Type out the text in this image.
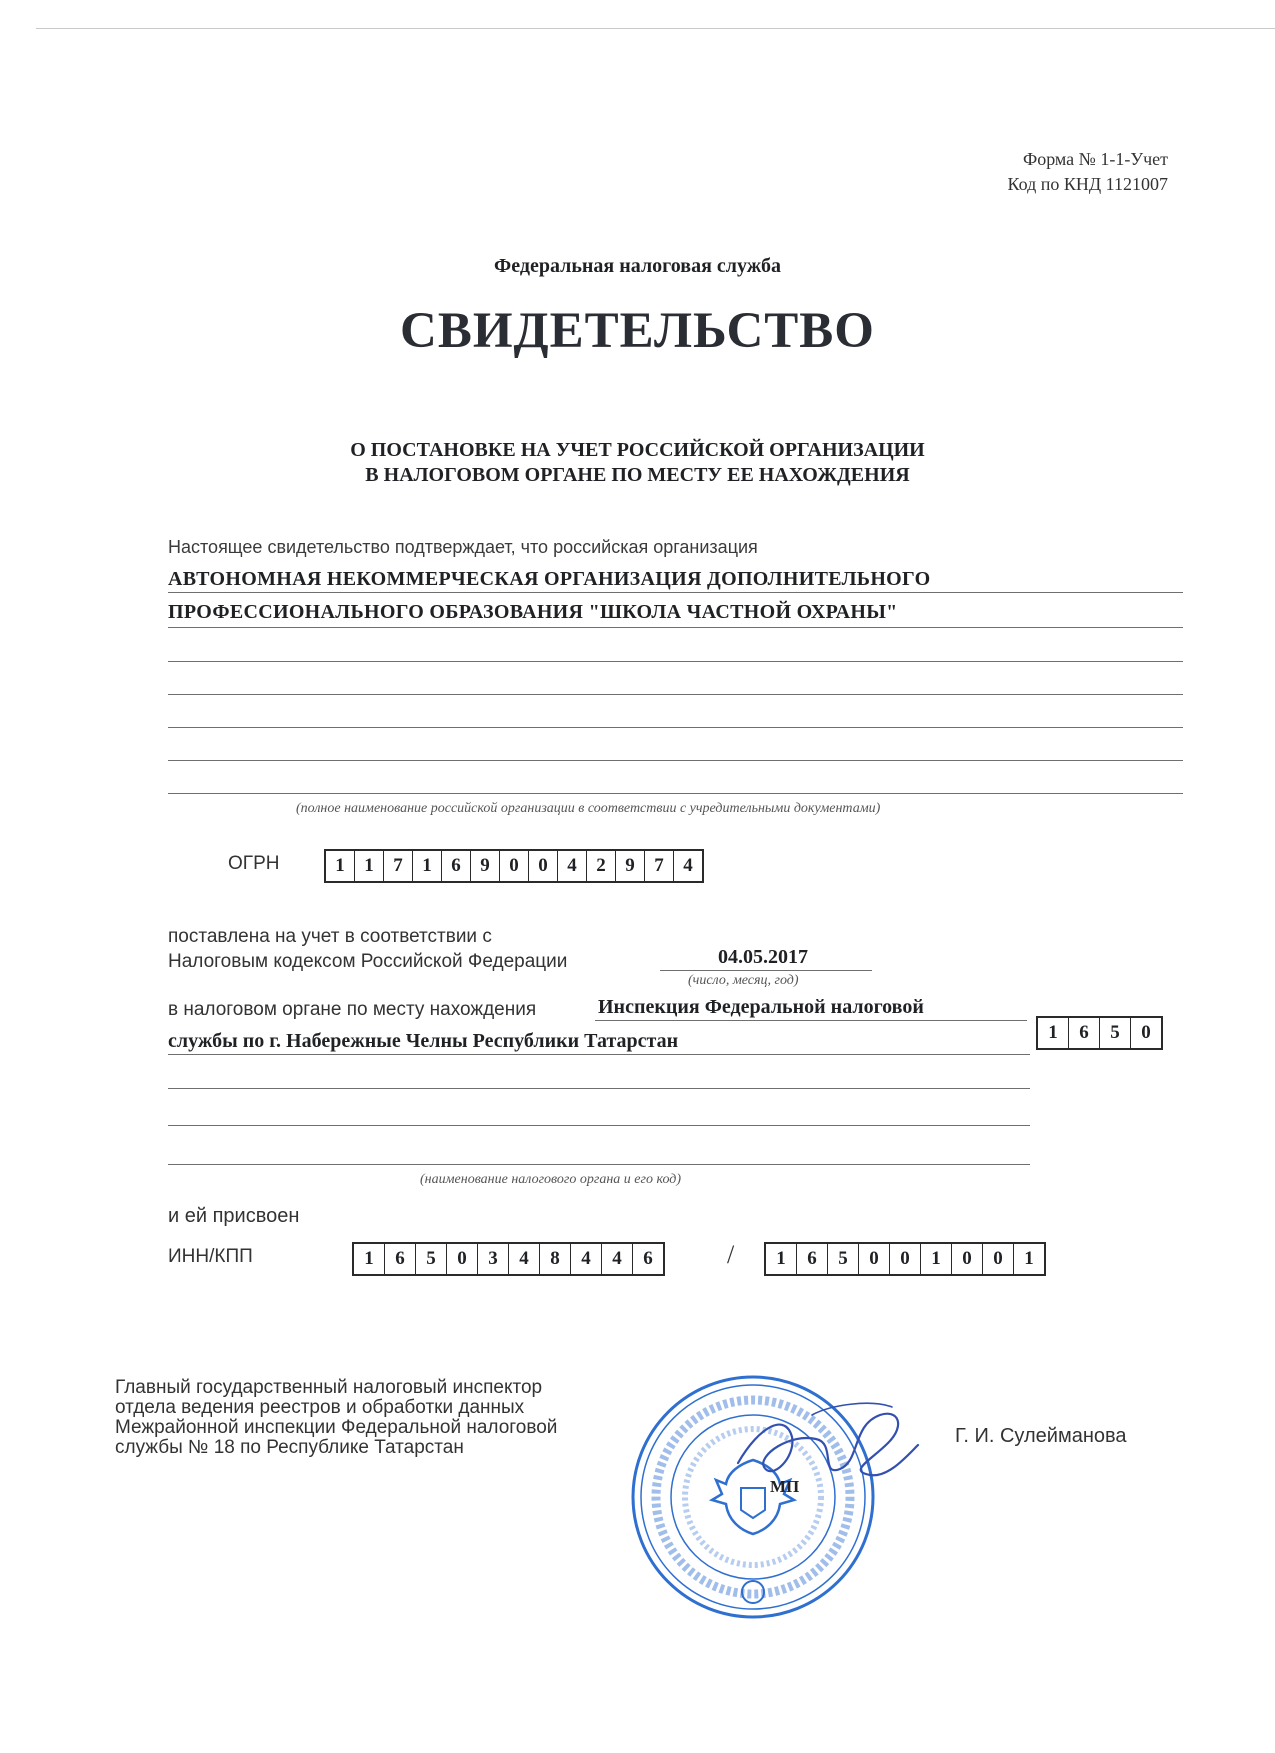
Форма № 1-1-Учет
Код по КНД 1121007
Федеральная налоговая служба
СВИДЕТЕЛЬСТВО
О ПОСТАНОВКЕ НА УЧЕТ РОССИЙСКОЙ ОРГАНИЗАЦИИ
В НАЛОГОВОМ ОРГАНЕ ПО МЕСТУ ЕЕ НАХОЖДЕНИЯ
Настоящее свидетельство подтверждает, что российская организация
АВТОНОМНАЯ НЕКОММЕРЧЕСКАЯ ОРГАНИЗАЦИЯ ДОПОЛНИТЕЛЬНОГО
ПРОФЕССИОНАЛЬНОГО ОБРАЗОВАНИЯ "ШКОЛА ЧАСТНОЙ ОХРАНЫ"
(полное наименование российской организации в соответствии с учредительными документами)
ОГРН	1	1	7	1	6	9	0	0	4	2	9	7	4
поставлена на учет в соответствии с
Налоговым кодексом Российской Федерации	04.05.2017
(число, месяц, год)
в налоговом органе по месту нахождения	Инспекция Федеральной налоговой
службы по г. Набережные Челны Республики Татарстан	1	6	5	0
(наименование налогового органа и его код)
и ей присвоен
ИНН/КПП	1	6	5	0	3	4	8	4	4	6	/	1	6	5	0	0	1	0	0	1
Главный государственный налоговый инспектор
отдела ведения реестров и обработки данных
Межрайонной инспекции Федеральной налоговой
службы № 18 по Республике Татарстан
МП
Г. И. Сулейманова
